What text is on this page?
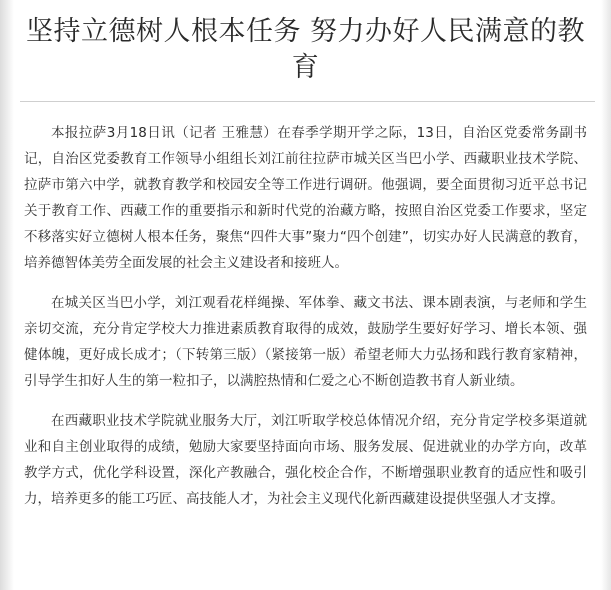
坚持立德树人根本任务 努力办好人民满意的教育

本报拉萨3月18日讯（记者 王雅慧）在春季学期开学之际，13日，自治区党委常务副书记，自治区党委教育工作领导小组组长刘江前往拉萨市城关区当巴小学、西藏职业技术学院、拉萨市第六中学，就教育教学和校园安全等工作进行调研。他强调，要全面贯彻习近平总书记关于教育工作、西藏工作的重要指示和新时代党的治藏方略，按照自治区党委工作要求，坚定不移落实好立德树人根本任务，聚焦“四件大事”聚力“四个创建”，切实办好人民满意的教育，培养德智体美劳全面发展的社会主义建设者和接班人。

在城关区当巴小学，刘江观看花样绳操、军体拳、藏文书法、课本剧表演，与老师和学生亲切交流，充分肯定学校大力推进素质教育取得的成效，鼓励学生要好好学习、增长本领、强健体魄，更好成长成才；（下转第三版）（紧接第一版）希望老师大力弘扬和践行教育家精神，引导学生扣好人生的第一粒扣子，以满腔热情和仁爱之心不断创造教书育人新业绩。

在西藏职业技术学院就业服务大厅，刘江听取学校总体情况介绍，充分肯定学校多渠道就业和自主创业取得的成绩，勉励大家要坚持面向市场、服务发展、促进就业的办学方向，改革教学方式，优化学科设置，深化产教融合，强化校企合作，不断增强职业教育的适应性和吸引力，培养更多的能工巧匠、高技能人才，为社会主义现代化新西藏建设提供坚强人才支撑。
